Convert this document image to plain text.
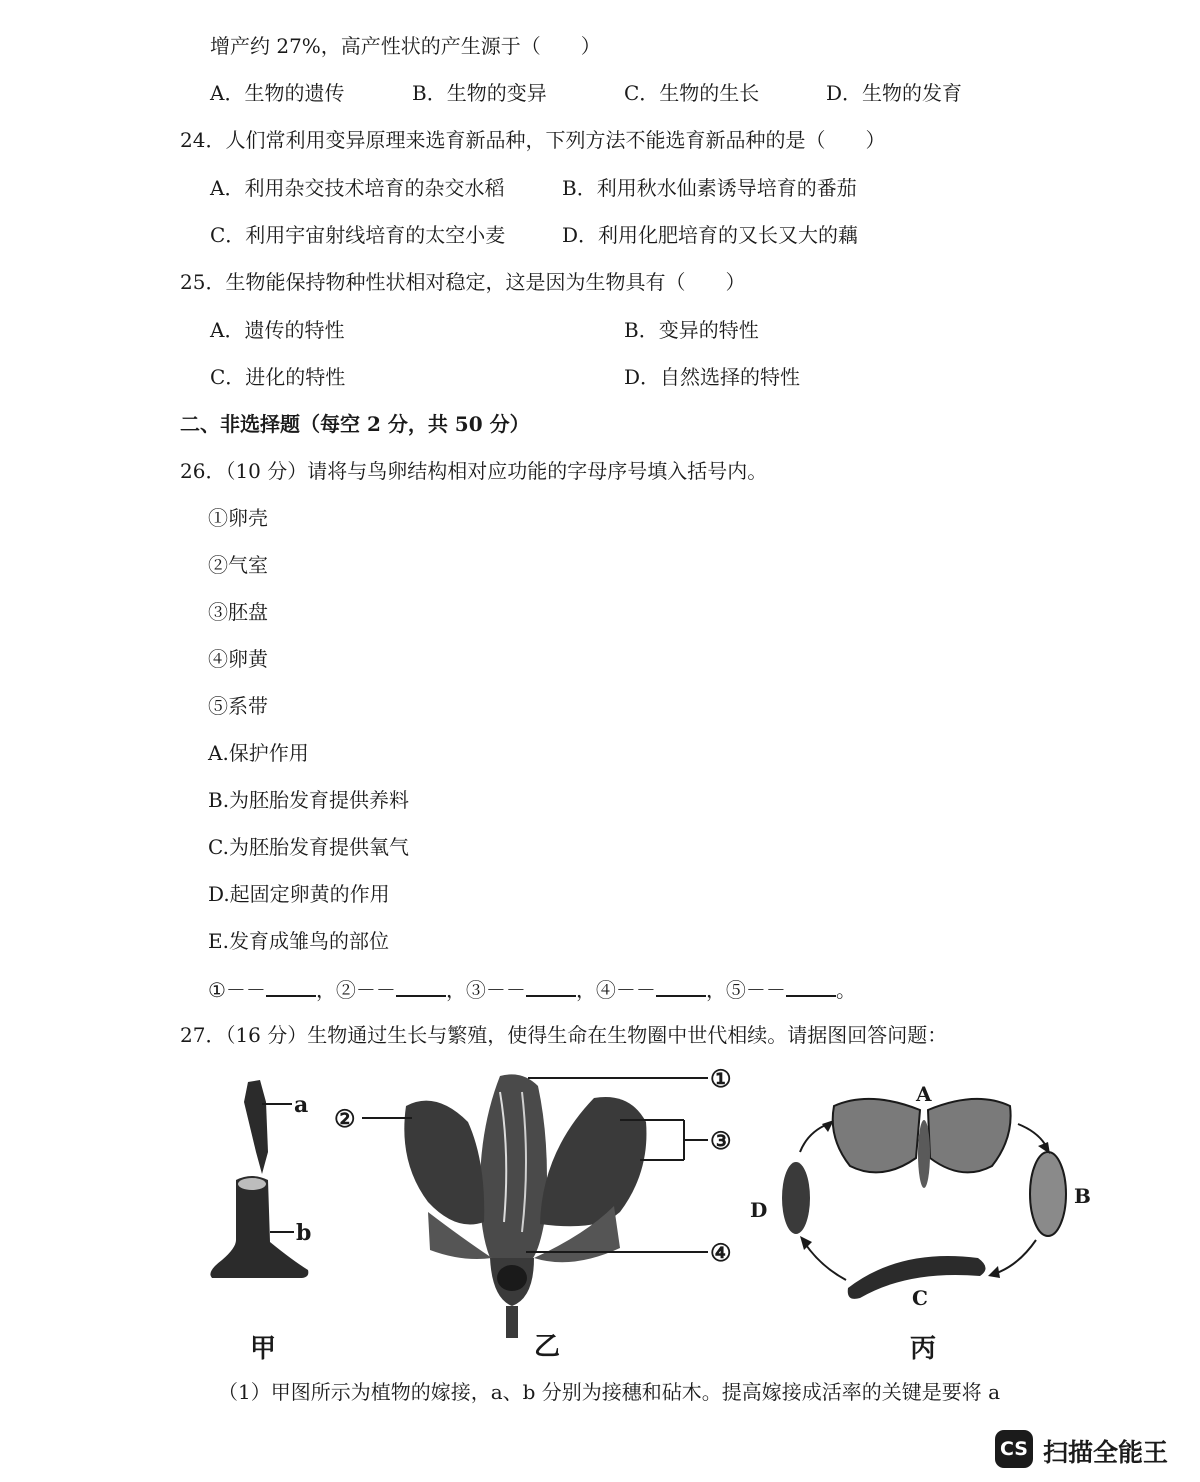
增产约 27%，高产性状的产生源于（　　）
A．生物的遗传	B．生物的变异	C．生物的生长	D．生物的发育
24．人们常利用变异原理来选育新品种，下列方法不能选育新品种的是（　　）
A．利用杂交技术培育的杂交水稻	B．利用秋水仙素诱导培育的番茄
C．利用宇宙射线培育的太空小麦	D．利用化肥培育的又长又大的藕
25．生物能保持物种性状相对稳定，这是因为生物具有（　　）
A．遗传的特性	B．变异的特性
C．进化的特性	D．自然选择的特性
二、非选择题（每空 2 分，共 50 分）
26．（10 分）请将与鸟卵结构相对应功能的字母序号填入括号内。
①卵壳
②气室
③胚盘
④卵黄
⑤系带
A.保护作用
B.为胚胎发育提供养料
C.为胚胎发育提供氧气
D.起固定卵黄的作用
E.发育成雏鸟的部位
①－－	，②－－	，③－－	，④－－	，⑤－－	。
27．（16 分）生物通过生长与繁殖，使得生命在生物圈中世代相续。请据图回答问题：
a
b
①
②
③
④
A
B
C
D
甲	乙	丙
（1）甲图所示为植物的嫁接，a、b 分别为接穗和砧木。提高嫁接成活率的关键是要将 a
CS 扫描全能王
